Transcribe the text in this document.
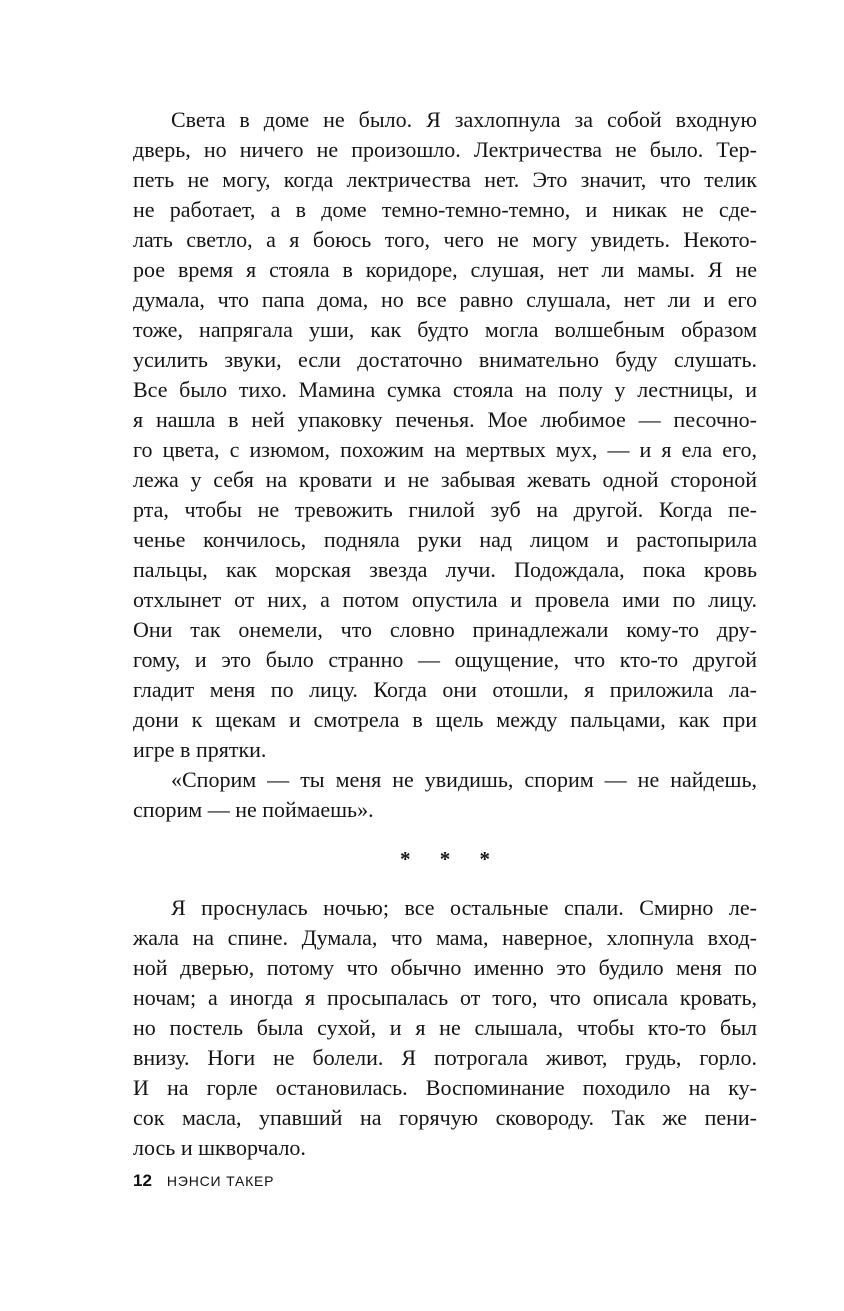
Света в доме не было. Я захлопнула за собой входную
дверь, но ничего не произошло. Лектричества не было. Тер-
петь не могу, когда лектричества нет. Это значит, что телик
не работает, а в доме темно-темно-темно, и никак не сде-
лать светло, а я боюсь того, чего не могу увидеть. Некото-
рое время я стояла в коридоре, слушая, нет ли мамы. Я не
думала, что папа дома, но все равно слушала, нет ли и его
тоже, напрягала уши, как будто могла волшебным образом
усилить звуки, если достаточно внимательно буду слушать.
Все было тихо. Мамина сумка стояла на полу у лестницы, и
я нашла в ней упаковку печенья. Мое любимое — песочно-
го цвета, с изюмом, похожим на мертвых мух, — и я ела его,
лежа у себя на кровати и не забывая жевать одной стороной
рта, чтобы не тревожить гнилой зуб на другой. Когда пе-
ченье кончилось, подняла руки над лицом и растопырила
пальцы, как морская звезда лучи. Подождала, пока кровь
отхлынет от них, а потом опустила и провела ими по лицу.
Они так онемели, что словно принадлежали кому-то дру-
гому, и это было странно — ощущение, что кто-то другой
гладит меня по лицу. Когда они отошли, я приложила ла-
дони к щекам и смотрела в щель между пальцами, как при
игре в прятки.
«Спорим — ты меня не увидишь, спорим — не найдешь,
спорим — не поймаешь».
* * *
Я проснулась ночью; все остальные спали. Смирно ле-
жала на спине. Думала, что мама, наверное, хлопнула вход-
ной дверью, потому что обычно именно это будило меня по
ночам; а иногда я просыпалась от того, что описала кровать,
но постель была сухой, и я не слышала, чтобы кто-то был
внизу. Ноги не болели. Я потрогала живот, грудь, горло.
И на горле остановилась. Воспоминание походило на ку-
сок масла, упавший на горячую сковороду. Так же пени-
лось и шкворчало.
12 НЭНСИ ТАКЕР
